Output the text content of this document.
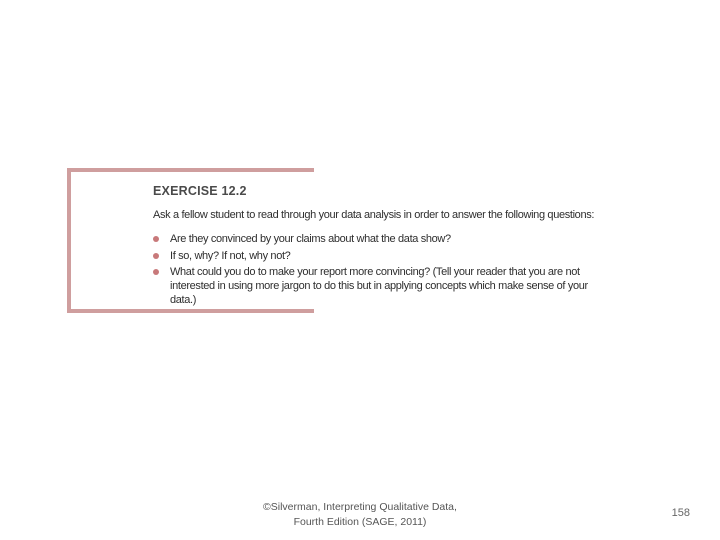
EXERCISE 12.2
Ask a fellow student to read through your data analysis in order to answer the following questions:
Are they convinced by your claims about what the data show?
If so, why? If not, why not?
What could you do to make your report more convincing? (Tell your reader that you are not interested in using more jargon to do this but in applying concepts which make sense of your data.)
©Silverman, Interpreting Qualitative Data,
Fourth Edition (SAGE, 2011)
158
